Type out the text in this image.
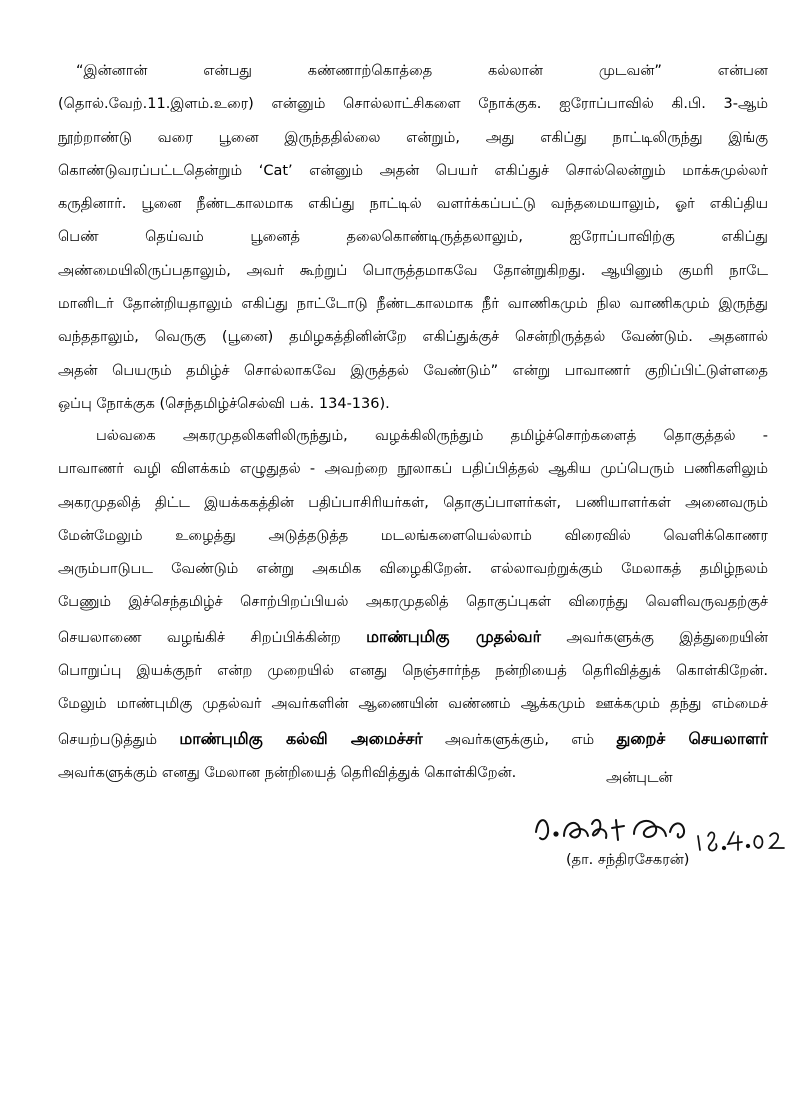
“இன்னான் என்பது கண்ணாற்கொத்தை கல்லான் முடவன்” என்பன
(தொல்.வேற்.11.இளம்.உரை) என்னும் சொல்லாட்சிகளை நோக்குக. ஐரோப்பாவில் கி.பி. 3-ஆம்
நூற்றாண்டு வரை பூனை இருந்ததில்லை என்றும், அது எகிப்து நாட்டிலிருந்து இங்கு
கொண்டுவரப்பட்டதென்றும் ‘Cat’ என்னும் அதன் பெயர் எகிப்துச் சொல்லென்றும் மாக்சுமுல்லர்
கருதினார். பூனை நீண்டகாலமாக எகிப்து நாட்டில் வளர்க்கப்பட்டு வந்தமையாலும், ஓர் எகிப்திய
பெண் தெய்வம் பூனைத் தலைகொண்டிருத்தலாலும், ஐரோப்பாவிற்கு எகிப்து
அண்மையிலிருப்பதாலும், அவர் கூற்றுப் பொருத்தமாகவே தோன்றுகிறது. ஆயினும் குமரி நாடே
மானிடர் தோன்றியதாலும் எகிப்து நாட்டோடு நீண்டகாலமாக நீர் வாணிகமும் நில வாணிகமும் இருந்து
வந்ததாலும், வெருகு (பூனை) தமிழகத்தினின்றே எகிப்துக்குச் சென்றிருத்தல் வேண்டும். அதனால்
அதன் பெயரும் தமிழ்ச் சொல்லாகவே இருத்தல் வேண்டும்” என்று பாவாணர் குறிப்பிட்டுள்ளதை
ஒப்பு நோக்குக (செந்தமிழ்ச்செல்வி பக். 134-136).
பல்வகை அகரமுதலிகளிலிருந்தும், வழக்கிலிருந்தும் தமிழ்ச்சொற்களைத் தொகுத்தல் -
பாவாணர் வழி விளக்கம் எழுதுதல் - அவற்றை நூலாகப் பதிப்பித்தல் ஆகிய முப்பெரும் பணிகளிலும்
அகரமுதலித் திட்ட இயக்ககத்தின் பதிப்பாசிரியர்கள், தொகுப்பாளர்கள், பணியாளர்கள் அனைவரும்
மேன்மேலும் உழைத்து அடுத்தடுத்த மடலங்களையெல்லாம் விரைவில் வெளிக்கொணர
அரும்பாடுபட வேண்டும் என்று அகமிக விழைகிறேன். எல்லாவற்றுக்கும் மேலாகத் தமிழ்நலம்
பேணும் இச்செந்தமிழ்ச் சொற்பிறப்பியல் அகரமுதலித் தொகுப்புகள் விரைந்து வெளிவருவதற்குச்
செயலாணை வழங்கிச் சிறப்பிக்கின்ற மாண்புமிகு முதல்வர் அவர்களுக்கு இத்துறையின்
பொறுப்பு இயக்குநர் என்ற முறையில் எனது நெஞ்சார்ந்த நன்றியைத் தெரிவித்துக் கொள்கிறேன்.
மேலும் மாண்புமிகு முதல்வர் அவர்களின் ஆணையின் வண்ணம் ஆக்கமும் ஊக்கமும் தந்து எம்மைச்
செயற்படுத்தும் மாண்புமிகு கல்வி அமைச்சர் அவர்களுக்கும், எம் துறைச் செயலாளர்
அவர்களுக்கும் எனது மேலான நன்றியைத் தெரிவித்துக் கொள்கிறேன்.	அன்புடன்
(தா. சந்திரசேகரன்)
